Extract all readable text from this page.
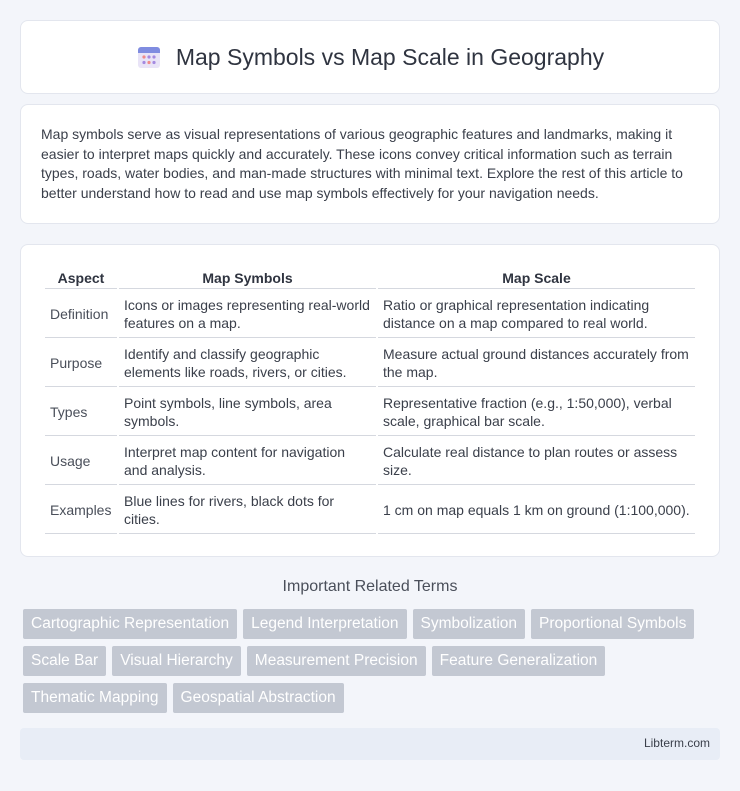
Map Symbols vs Map Scale in Geography

Map symbols serve as visual representations of various geographic features and landmarks, making it easier to interpret maps quickly and accurately. These icons convey critical information such as terrain types, roads, water bodies, and man-made structures with minimal text. Explore the rest of this article to better understand how to read and use map symbols effectively for your navigation needs.

Aspect	Map Symbols	Map Scale
Definition	Icons or images representing real-world features on a map.	Ratio or graphical representation indicating distance on a map compared to real world.
Purpose	Identify and classify geographic elements like roads, rivers, or cities.	Measure actual ground distances accurately from the map.
Types	Point symbols, line symbols, area symbols.	Representative fraction (e.g., 1:50,000), verbal scale, graphical bar scale.
Usage	Interpret map content for navigation and analysis.	Calculate real distance to plan routes or assess size.
Examples	Blue lines for rivers, black dots for cities.	1 cm on map equals 1 km on ground (1:100,000).
Important Related Terms
Cartographic Representation	Legend Interpretation	Symbolization	Proportional Symbols
Scale Bar	Visual Hierarchy	Measurement Precision	Feature Generalization
Thematic Mapping	Geospatial Abstraction
Libterm.com
